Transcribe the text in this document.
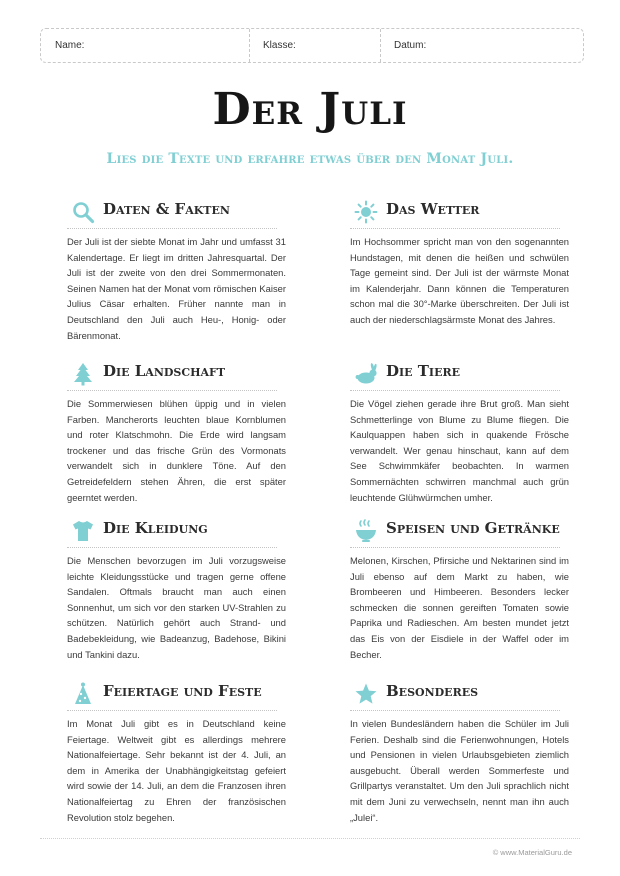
Name:	Klasse:	Datum:
Der Juli
Lies die Texte und erfahre etwas über den Monat Juli.
Daten & Fakten
Der Juli ist der siebte Monat im Jahr und umfasst 31 Kalendertage. Er liegt im dritten Jahresquartal. Der Juli ist der zweite von den drei Sommermonaten. Seinen Namen hat der Monat vom römischen Kaiser Julius Cäsar erhalten. Früher nannte man in Deutschland den Juli auch Heu-, Honig- oder Bärenmonat.
Das Wetter
Im Hochsommer spricht man von den sogenannten Hundstagen, mit denen die heißen und schwülen Tage gemeint sind. Der Juli ist der wärmste Monat im Kalenderjahr. Dann können die Temperaturen schon mal die 30°-Marke überschreiten. Der Juli ist auch der niederschlagsärmste Monat des Jahres.
Die Landschaft
Die Sommerwiesen blühen üppig und in vielen Farben. Mancherorts leuchten blaue Kornblumen und roter Klatschmohn. Die Erde wird langsam trockener und das frische Grün des Vormonats verwandelt sich in dunklere Töne. Auf den Getreidefeldern stehen Ähren, die erst später geerntet werden.
Die Tiere
Die Vögel ziehen gerade ihre Brut groß. Man sieht Schmetterlinge von Blume zu Blume fliegen. Die Kaulquappen haben sich in quakende Frösche verwandelt. Wer genau hinschaut, kann auf dem See Schwimmkäfer beobachten. In warmen Sommernächten schwirren manchmal auch grün leuchtende Glühwürmchen umher.
Die Kleidung
Die Menschen bevorzugen im Juli vorzugsweise leichte Kleidungsstücke und tragen gerne offene Sandalen. Oftmals braucht man auch einen Sonnenhut, um sich vor den starken UV-Strahlen zu schützen. Natürlich gehört auch Strand- und Badebekleidung, wie Badeanzug, Badehose, Bikini und Tankini dazu.
Speisen und Getränke
Melonen, Kirschen, Pfirsiche und Nektarinen sind im Juli ebenso auf dem Markt zu haben, wie Brombeeren und Himbeeren. Besonders lecker schmecken die sonnen gereiften Tomaten sowie Paprika und Radieschen. Am besten mundet jetzt das Eis von der Eisdiele in der Waffel oder im Becher.
Feiertage und Feste
Im Monat Juli gibt es in Deutschland keine Feiertage. Weltweit gibt es allerdings mehrere Nationalfeiertage. Sehr bekannt ist der 4. Juli, an dem in Amerika der Unabhängigkeitstag gefeiert wird sowie der 14. Juli, an dem die Franzosen ihren Nationalfeiertag zu Ehren der französischen Revolution stolz begehen.
Besonderes
In vielen Bundesländern haben die Schüler im Juli Ferien. Deshalb sind die Ferienwohnungen, Hotels und Pensionen in vielen Urlaubsgebieten ziemlich ausgebucht. Überall werden Sommerfeste und Grillpartys veranstaltet. Um den Juli sprachlich nicht mit dem Juni zu verwechseln, nennt man ihn auch „Julei“.
© www.MaterialGuru.de
